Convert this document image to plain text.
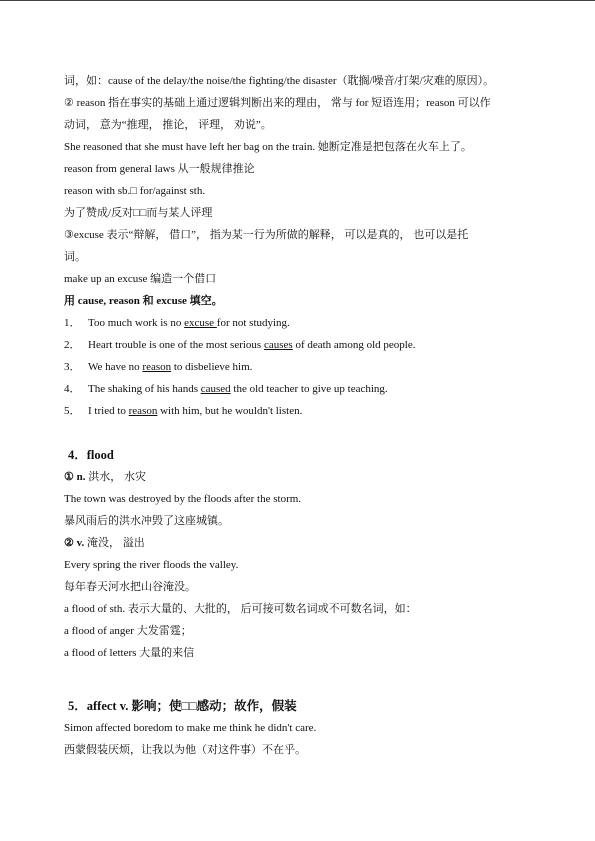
词，如：cause of the delay/the noise/the fighting/the disaster（耽搁/噪音/打架/灾难的原因）。
② reason 指在事实的基础上通过逻辑判断出来的理由， 常与 for 短语连用；reason 可以作
动词， 意为“推理， 推论， 评理， 劝说”。
She reasoned that she must have left her bag on the train. 她断定准是把包落在火车上了。
reason from general laws 从一般规律推论
reason with sb.□ for/against sth.
为了赞成/反对□□而与某人评理
③excuse 表示“辩解， 借口”， 指为某一行为所做的解释， 可以是真的， 也可以是托
词。
make up an excuse 编造一个借口
用 cause, reason 和 excuse 填空。
1． Too much work is no excuse for not studying.
2． Heart trouble is one of the most serious causes of death among old people.
3． We have no reason to disbelieve him.
4． The shaking of his hands caused the old teacher to give up teaching.
5． I tried to reason with him, but he wouldn't listen.
4．flood
① n. 洪水， 水灾
The town was destroyed by the floods after the storm.
暴风雨后的洪水冲毁了这座城镇。
② v. 淹没， 溢出
Every spring the river floods the valley.
每年春天河水把山谷淹没。
a flood of sth. 表示大量的、大批的， 后可接可数名词或不可数名词，如：
a flood of anger 大发雷霆；
a flood of letters 大量的来信
5．affect v. 影响；使□□感动；故作，假装
Simon affected boredom to make me think he didn't care.
西蒙假装厌烦，让我以为他（对这件事）不在乎。
